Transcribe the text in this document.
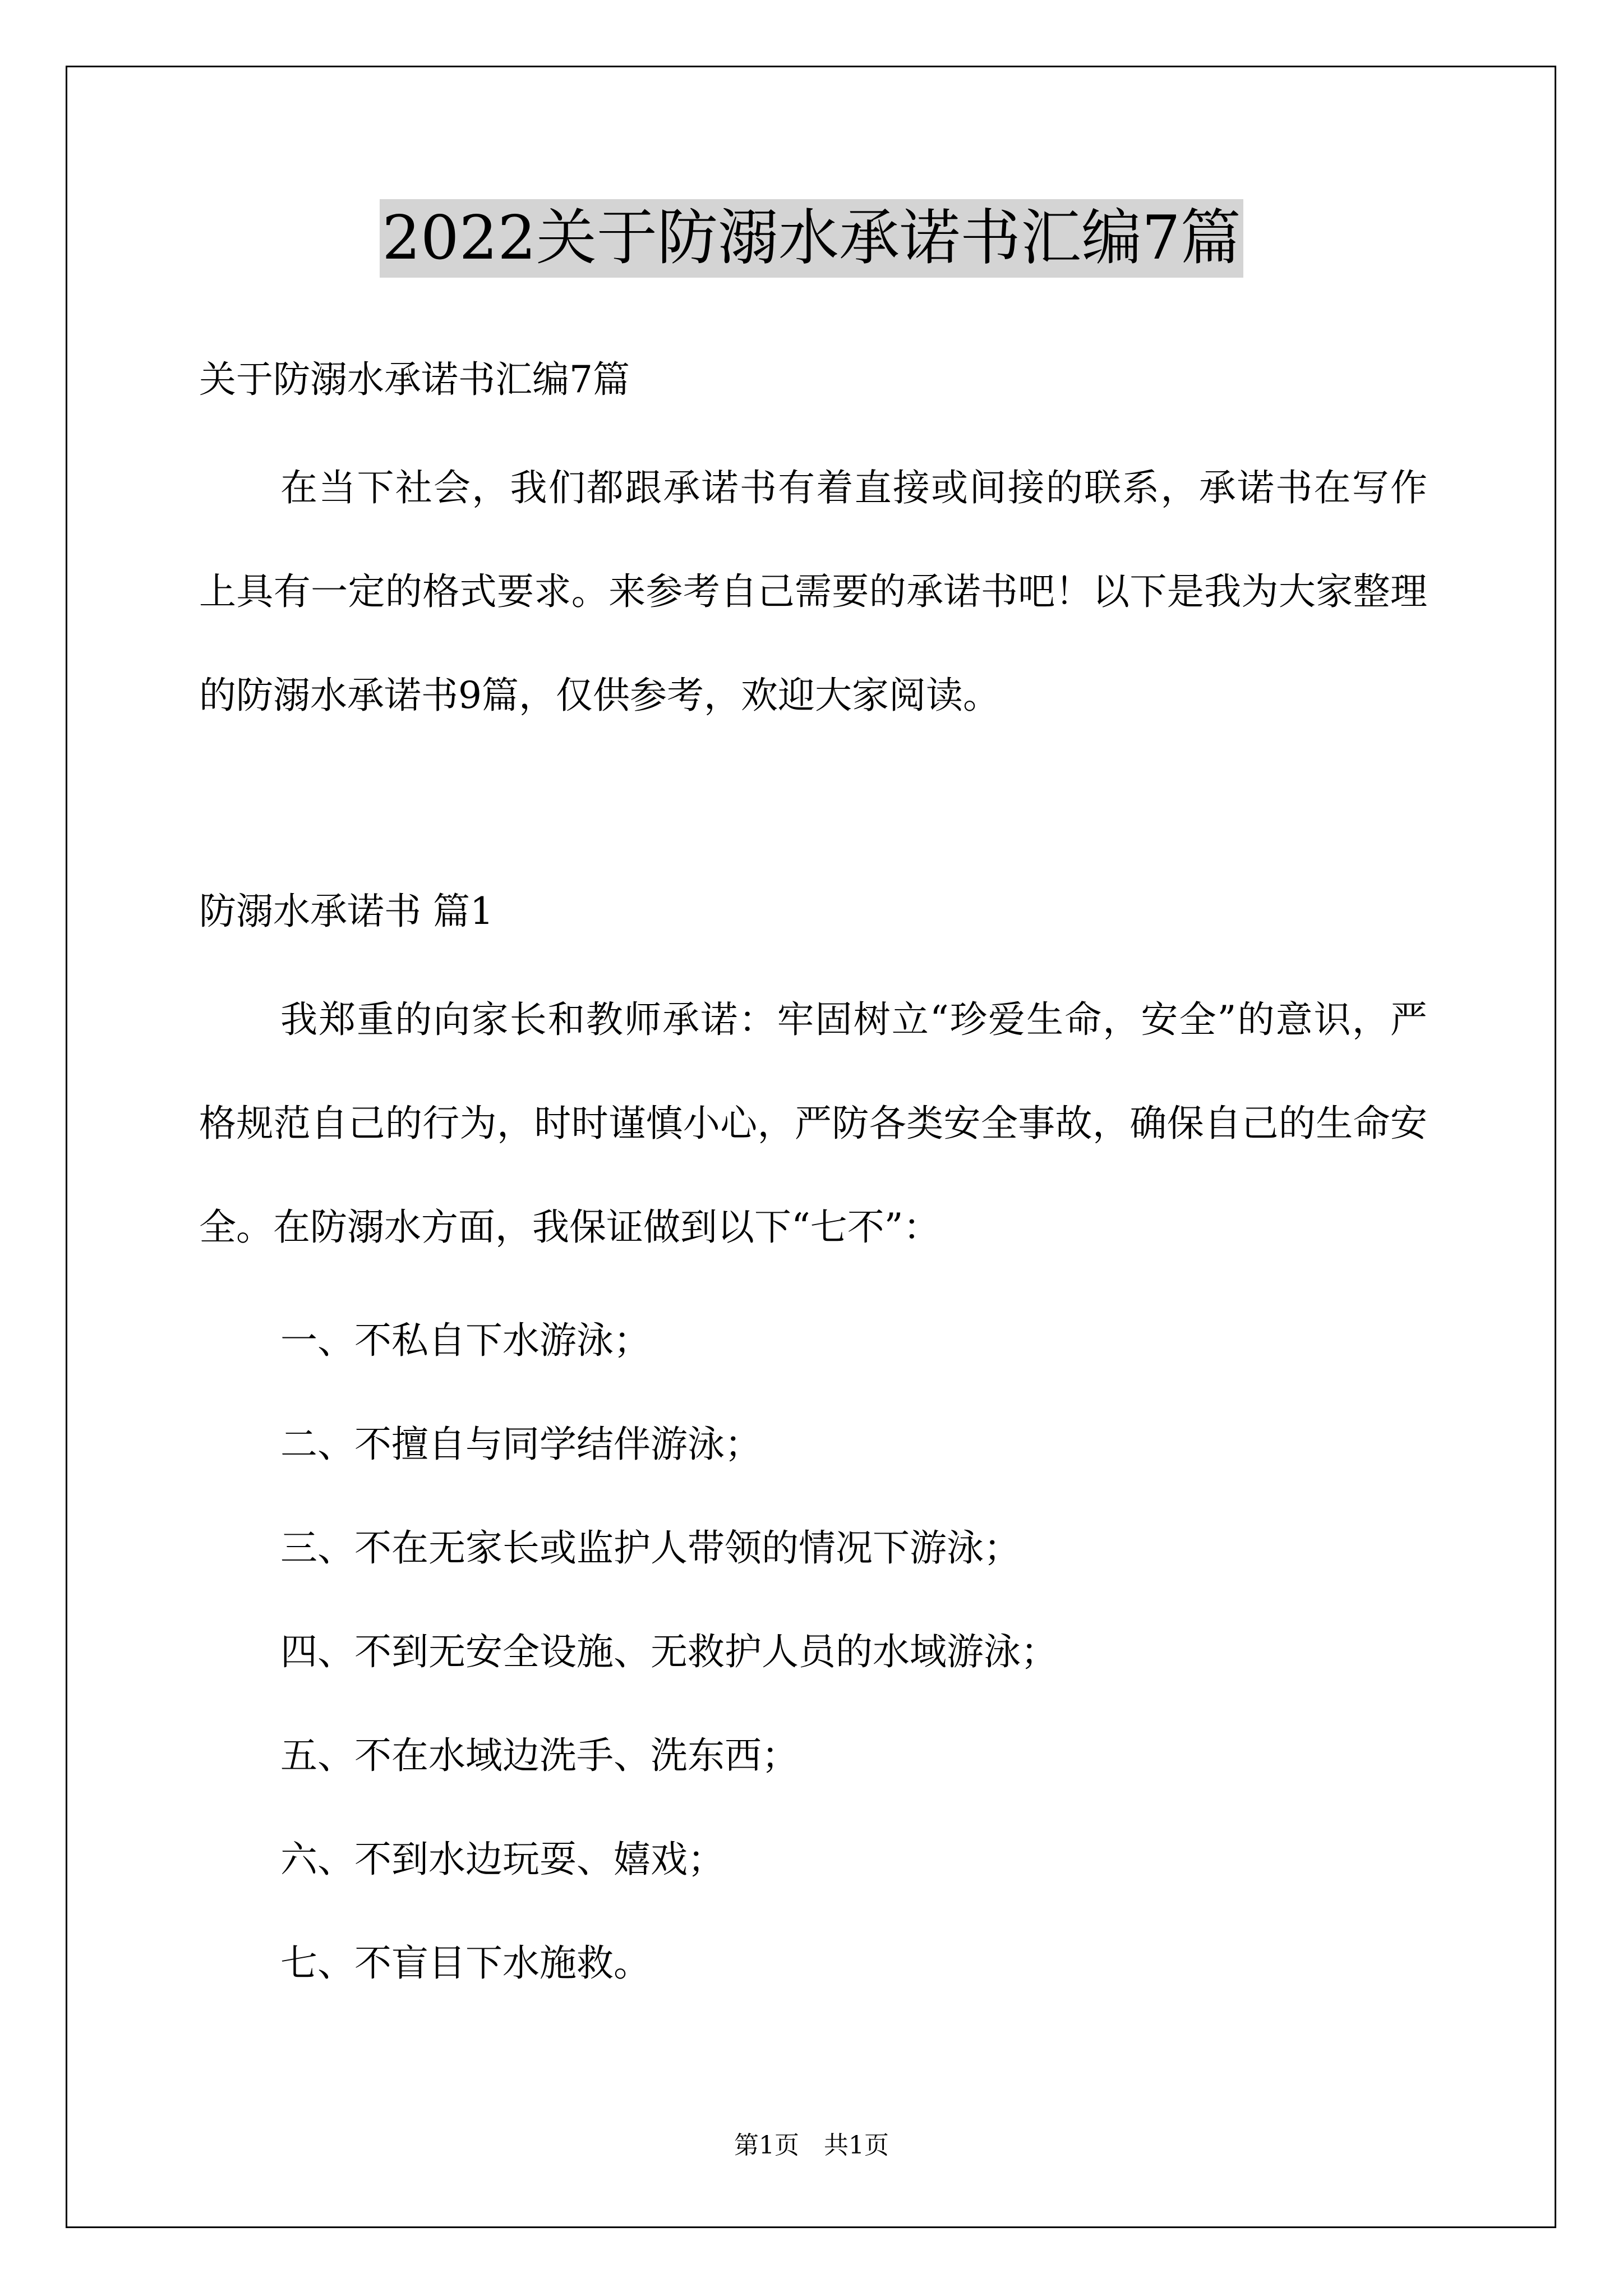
2022关于防溺水承诺书汇编7篇
关于防溺水承诺书汇编7篇
在当下社会，我们都跟承诺书有着直接或间接的联系，承诺书在写作上具有一定的格式要求。来参考自己需要的承诺书吧！以下是我为大家整理的防溺水承诺书9篇，仅供参考，欢迎大家阅读。
防溺水承诺书 篇1
我郑重的向家长和教师承诺：牢固树立“珍爱生命，安全”的意识，严格规范自己的行为，时时谨慎小心，严防各类安全事故，确保自己的生命安全。在防溺水方面，我保证做到以下“七不”：
一、不私自下水游泳；
二、不擅自与同学结伴游泳；
三、不在无家长或监护人带领的情况下游泳；
四、不到无安全设施、无救护人员的水域游泳；
五、不在水域边洗手、洗东西；
六、不到水边玩耍、嬉戏；
七、不盲目下水施救。
第1页　共1页
